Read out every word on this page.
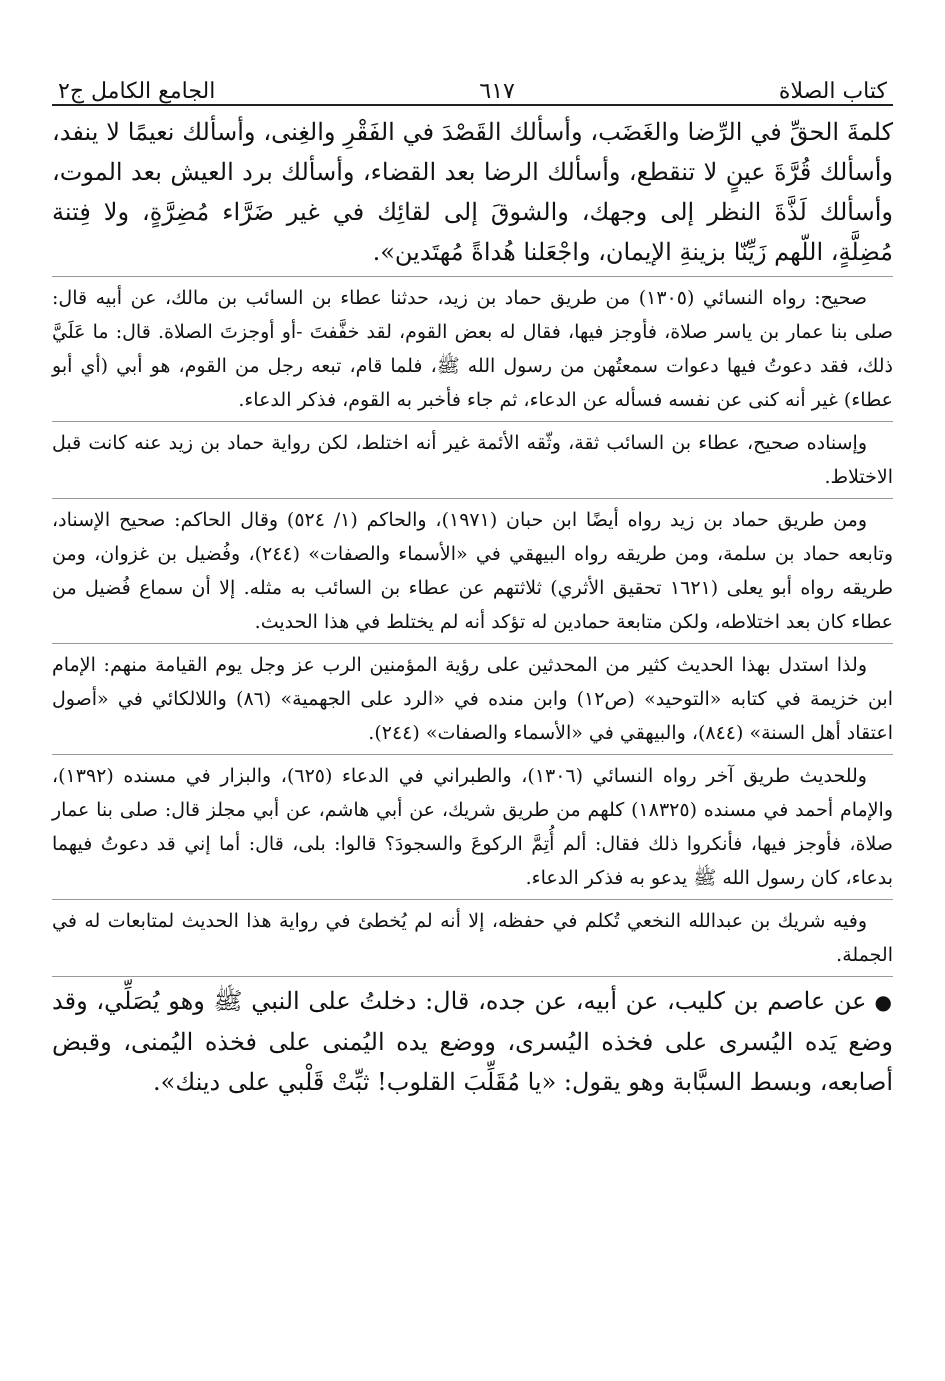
كتاب الصلاة
٦١٧
الجامع الكامل ج٢

كلمةَ الحقِّ في الرِّضا والغَضَب، وأسألك القَصْدَ في الفَقْرِ والغِنى، وأسألك نعيمًا لا ينفد، وأسألك قُرَّةَ عينٍ لا تنقطع، وأسألك الرضا بعد القضاء، وأسألك برد العيش بعد الموت، وأسألك لَذَّةَ النظر إلى وجهك، والشوقَ إلى لقائِك في غير ضَرَّاء مُضِرَّةٍ، ولا فِتنة مُضِلَّةٍ، اللّهم زَيِّنّا بزينةِ الإيمان، واجْعَلنا هُداةً مُهتَدين».

صحيح: رواه النسائي (١٣٠٥) من طريق حماد بن زيد، حدثنا عطاء بن السائب بن مالك، عن أبيه قال: صلى بنا عمار بن ياسر صلاة، فأوجز فيها، فقال له بعض القوم، لقد خفَّفتَ -أو أوجزتَ الصلاة. قال: ما عَلَيَّ ذلك، فقد دعوتُ فيها دعوات سمعتُهن من رسول الله ﷺ، فلما قام، تبعه رجل من القوم، هو أبي (أي أبو عطاء) غير أنه كنى عن نفسه فسأله عن الدعاء، ثم جاء فأخبر به القوم، فذكر الدعاء.

وإسناده صحيح، عطاء بن السائب ثقة، وثّقه الأئمة غير أنه اختلط، لكن رواية حماد بن زيد عنه كانت قبل الاختلاط.

ومن طريق حماد بن زيد رواه أيضًا ابن حبان (١٩٧١)، والحاكم (١/ ٥٢٤) وقال الحاكم: صحيح الإسناد، وتابعه حماد بن سلمة، ومن طريقه رواه البيهقي في «الأسماء والصفات» (٢٤٤)، وفُضيل بن غزوان، ومن طريقه رواه أبو يعلى (١٦٢١ تحقيق الأثري) ثلاثتهم عن عطاء بن السائب به مثله. إلا أن سماع فُضيل من عطاء كان بعد اختلاطه، ولكن متابعة حمادين له تؤكد أنه لم يختلط في هذا الحديث.

ولذا استدل بهذا الحديث كثير من المحدثين على رؤية المؤمنين الرب عز وجل يوم القيامة منهم: الإمام ابن خزيمة في كتابه «التوحيد» (ص١٢) وابن منده في «الرد على الجهمية» (٨٦) واللالكائي في «أصول اعتقاد أهل السنة» (٨٤٤)، والبيهقي في «الأسماء والصفات» (٢٤٤).

وللحديث طريق آخر رواه النسائي (١٣٠٦)، والطبراني في الدعاء (٦٢٥)، والبزار في مسنده (١٣٩٢)، والإمام أحمد في مسنده (١٨٣٢٥) كلهم من طريق شريك، عن أبي هاشم، عن أبي مجلز قال: صلى بنا عمار صلاة، فأوجز فيها، فأنكروا ذلك فقال: ألم أُتِمَّ الركوعَ والسجودَ؟ قالوا: بلى، قال: أما إني قد دعوتُ فيهما بدعاء، كان رسول الله ﷺ يدعو به فذكر الدعاء.

وفيه شريك بن عبدالله النخعي تُكلم في حفظه، إلا أنه لم يُخطئ في رواية هذا الحديث لمتابعات له في الجملة.

●عن عاصم بن كليب، عن أبيه، عن جده، قال: دخلتُ على النبي ﷺ وهو يُصَلِّي، وقد وضع يَده اليُسرى على فخذه اليُسرى، ووضع يده اليُمنى على فخذه اليُمنى، وقبض أصابعه، وبسط السبَّابة وهو يقول: «يا مُقَلِّبَ القلوب! ثبِّتْ قَلْبي على دينك».
